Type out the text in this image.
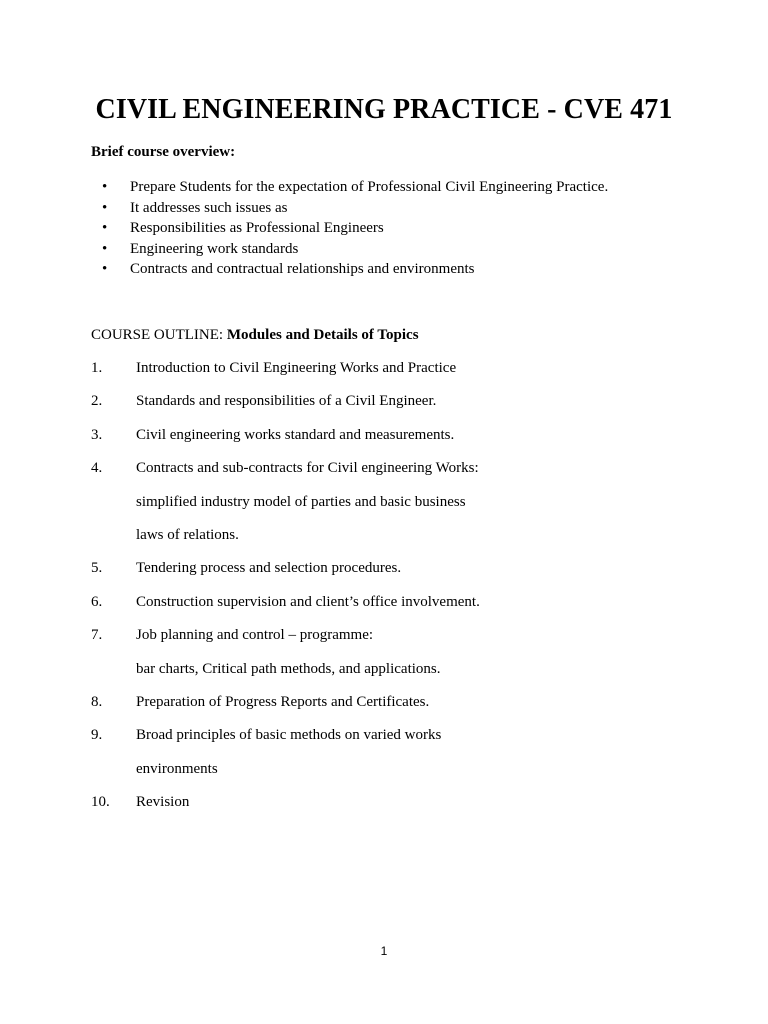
CIVIL ENGINEERING PRACTICE - CVE 471
Brief course overview:
•	Prepare Students for the expectation of Professional Civil Engineering Practice.
•	It addresses such issues as
•	Responsibilities as Professional Engineers
•	Engineering work standards
•	Contracts and contractual relationships and environments
COURSE OUTLINE: Modules and Details of Topics
1. Introduction to Civil Engineering Works and Practice
2. Standards and responsibilities of a Civil Engineer.
3. Civil engineering works standard and measurements.
4. Contracts and sub-contracts for Civil engineering Works:
simplified industry model of parties and basic business
laws of relations.
5. Tendering process and selection procedures.
6. Construction supervision and client’s office involvement.
7. Job planning and control – programme:
bar charts, Critical path methods, and applications.
8. Preparation of Progress Reports and Certificates.
9. Broad principles of basic methods on varied works
environments
10. Revision
1
